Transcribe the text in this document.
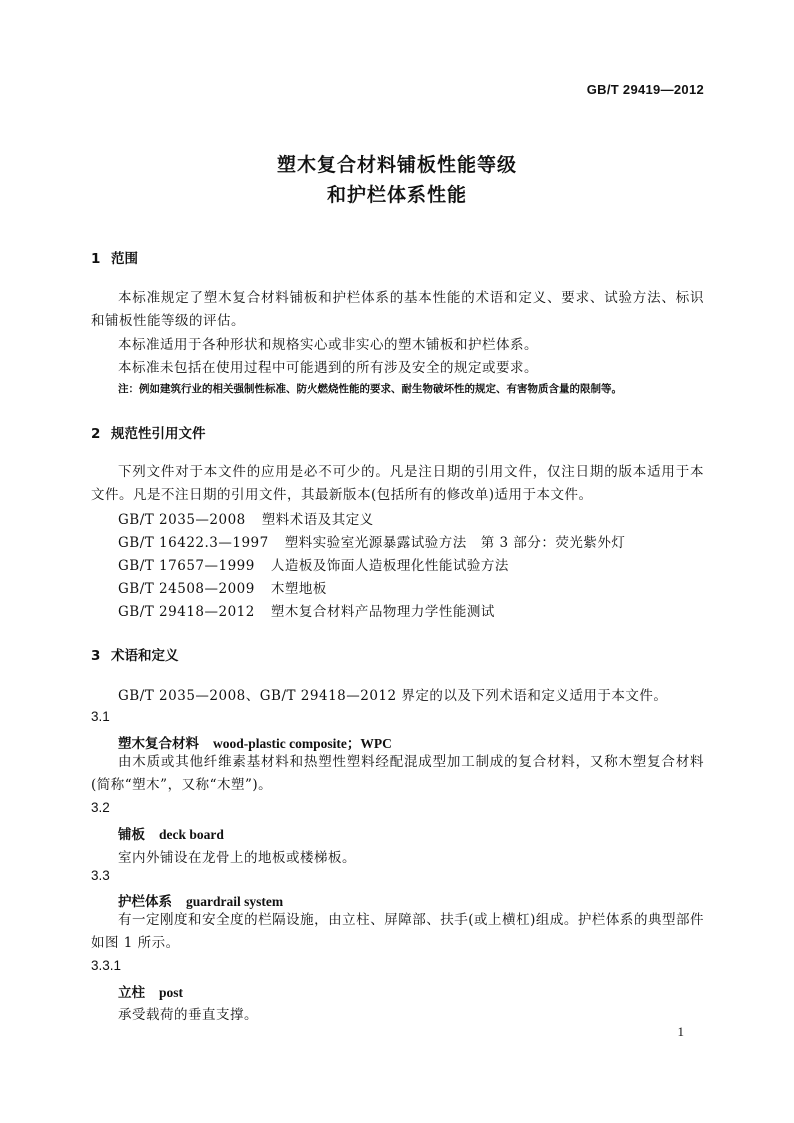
GB/T 29419—2012
塑木复合材料铺板性能等级
和护栏体系性能
1 范围
本标准规定了塑木复合材料铺板和护栏体系的基本性能的术语和定义、要求、试验方法、标识和铺板性能等级的评估。
本标准适用于各种形状和规格实心或非实心的塑木铺板和护栏体系。
本标准未包括在使用过程中可能遇到的所有涉及安全的规定或要求。
注：例如建筑行业的相关强制性标准、防火燃烧性能的要求、耐生物破坏性的规定、有害物质含量的限制等。
2 规范性引用文件
下列文件对于本文件的应用是必不可少的。凡是注日期的引用文件，仅注日期的版本适用于本文件。凡是不注日期的引用文件，其最新版本(包括所有的修改单)适用于本文件。
GB/T 2035—2008 塑料术语及其定义
GB/T 16422.3—1997 塑料实验室光源暴露试验方法　第 3 部分：荧光紫外灯
GB/T 17657—1999 人造板及饰面人造板理化性能试验方法
GB/T 24508—2009 木塑地板
GB/T 29418—2012 塑木复合材料产品物理力学性能测试
3 术语和定义
GB/T 2035—2008、GB/T 29418—2012 界定的以及下列术语和定义适用于本文件。
3.1
塑木复合材料 wood-plastic composite；WPC
由木质或其他纤维素基材料和热塑性塑料经配混成型加工制成的复合材料，又称木塑复合材料(简称“塑木”，又称“木塑”)。
3.2
铺板 deck board
室内外铺设在龙骨上的地板或楼梯板。
3.3
护栏体系 guardrail system
有一定刚度和安全度的栏隔设施，由立柱、屏障部、扶手(或上横杠)组成。护栏体系的典型部件如图 1 所示。
3.3.1
立柱 post
承受载荷的垂直支撑。
1
